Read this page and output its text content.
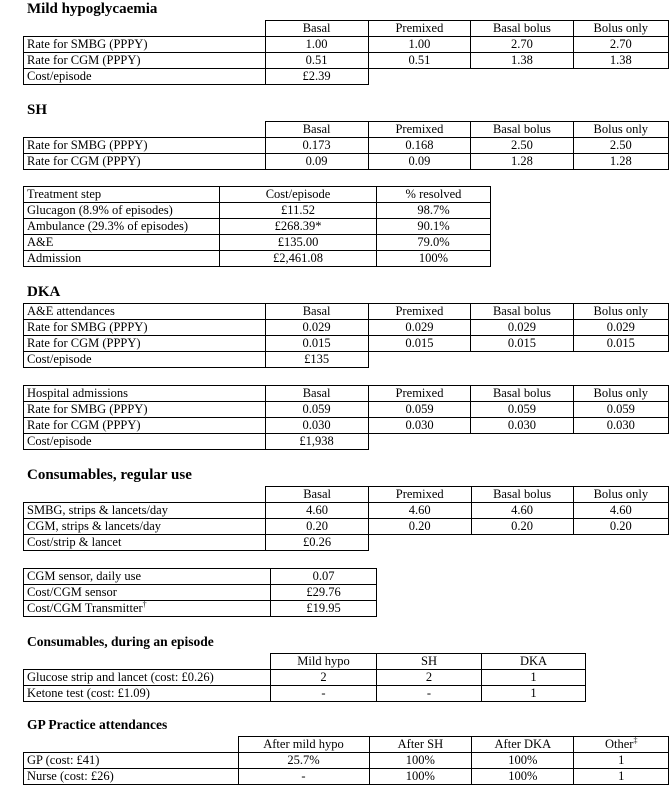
Mild hypoglycaemia
	Basal	Premixed	Basal bolus	Bolus only
Rate for SMBG (PPPY)	1.00	1.00	2.70	2.70
Rate for CGM (PPPY)	0.51	0.51	1.38	1.38
Cost/episode	£2.39			
SH
	Basal	Premixed	Basal bolus	Bolus only
Rate for SMBG (PPPY)	0.173	0.168	2.50	2.50
Rate for CGM (PPPY)	0.09	0.09	1.28	1.28
Treatment step	Cost/episode	% resolved
Glucagon (8.9% of episodes)	£11.52	98.7%
Ambulance (29.3% of episodes)	£268.39*	90.1%
A&E	£135.00	79.0%
Admission	£2,461.08	100%
DKA
A&E attendances	Basal	Premixed	Basal bolus	Bolus only
Rate for SMBG (PPPY)	0.029	0.029	0.029	0.029
Rate for CGM (PPPY)	0.015	0.015	0.015	0.015
Cost/episode	£135			
Hospital admissions	Basal	Premixed	Basal bolus	Bolus only
Rate for SMBG (PPPY)	0.059	0.059	0.059	0.059
Rate for CGM (PPPY)	0.030	0.030	0.030	0.030
Cost/episode	£1,938			
Consumables, regular use
	Basal	Premixed	Basal bolus	Bolus only
SMBG, strips & lancets/day	4.60	4.60	4.60	4.60
CGM, strips & lancets/day	0.20	0.20	0.20	0.20
Cost/strip & lancet	£0.26			
CGM sensor, daily use	0.07
Cost/CGM sensor	£29.76
Cost/CGM Transmitter†	£19.95
Consumables, during an episode
	Mild hypo	SH	DKA
Glucose strip and lancet (cost: £0.26)	2	2	1
Ketone test (cost: £1.09)	-	-	1
GP Practice attendances
	After mild hypo	After SH	After DKA	Other‡
GP (cost: £41)	25.7%	100%	100%	1
Nurse (cost: £26)	-	100%	100%	1
